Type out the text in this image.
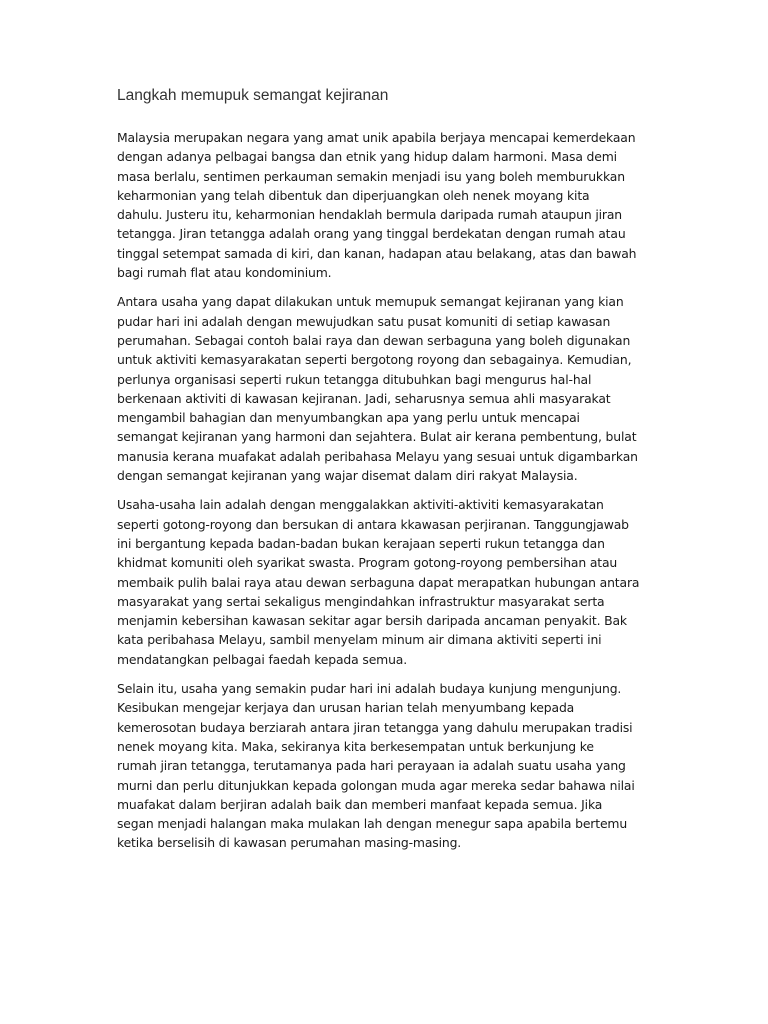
Langkah memupuk semangat kejiranan

Malaysia merupakan negara yang amat unik apabila berjaya mencapai kemerdekaan
dengan adanya pelbagai bangsa dan etnik yang hidup dalam harmoni. Masa demi
masa berlalu, sentimen perkauman semakin menjadi isu yang boleh memburukkan
keharmonian yang telah dibentuk dan diperjuangkan oleh nenek moyang kita
dahulu. Justeru itu, keharmonian hendaklah bermula daripada rumah ataupun jiran
tetangga. Jiran tetangga adalah orang yang tinggal berdekatan dengan rumah atau
tinggal setempat samada di kiri, dan kanan, hadapan atau belakang, atas dan bawah
bagi rumah flat atau kondominium.

Antara usaha yang dapat dilakukan untuk memupuk semangat kejiranan yang kian
pudar hari ini adalah dengan mewujudkan satu pusat komuniti di setiap kawasan
perumahan. Sebagai contoh balai raya dan dewan serbaguna yang boleh digunakan
untuk aktiviti kemasyarakatan seperti bergotong royong dan sebagainya. Kemudian,
perlunya organisasi seperti rukun tetangga ditubuhkan bagi mengurus hal-hal
berkenaan aktiviti di kawasan kejiranan. Jadi, seharusnya semua ahli masyarakat
mengambil bahagian dan menyumbangkan apa yang perlu untuk mencapai
semangat kejiranan yang harmoni dan sejahtera. Bulat air kerana pembentung, bulat
manusia kerana muafakat adalah peribahasa Melayu yang sesuai untuk digambarkan
dengan semangat kejiranan yang wajar disemat dalam diri rakyat Malaysia.

Usaha-usaha lain adalah dengan menggalakkan aktiviti-aktiviti kemasyarakatan
seperti gotong-royong dan bersukan di antara kkawasan perjiranan. Tanggungjawab
ini bergantung kepada badan-badan bukan kerajaan seperti rukun tetangga dan
khidmat komuniti oleh syarikat swasta. Program gotong-royong pembersihan atau
membaik pulih balai raya atau dewan serbaguna dapat merapatkan hubungan antara
masyarakat yang sertai sekaligus mengindahkan infrastruktur masyarakat serta
menjamin kebersihan kawasan sekitar agar bersih daripada ancaman penyakit. Bak
kata peribahasa Melayu, sambil menyelam minum air dimana aktiviti seperti ini
mendatangkan pelbagai faedah kepada semua.

Selain itu, usaha yang semakin pudar hari ini adalah budaya kunjung mengunjung.
Kesibukan mengejar kerjaya dan urusan harian telah menyumbang kepada
kemerosotan budaya berziarah antara jiran tetangga yang dahulu merupakan tradisi
nenek moyang kita. Maka, sekiranya kita berkesempatan untuk berkunjung ke
rumah jiran tetangga, terutamanya pada hari perayaan ia adalah suatu usaha yang
murni dan perlu ditunjukkan kepada golongan muda agar mereka sedar bahawa nilai
muafakat dalam berjiran adalah baik dan memberi manfaat kepada semua. Jika
segan menjadi halangan maka mulakan lah dengan menegur sapa apabila bertemu
ketika berselisih di kawasan perumahan masing-masing.
